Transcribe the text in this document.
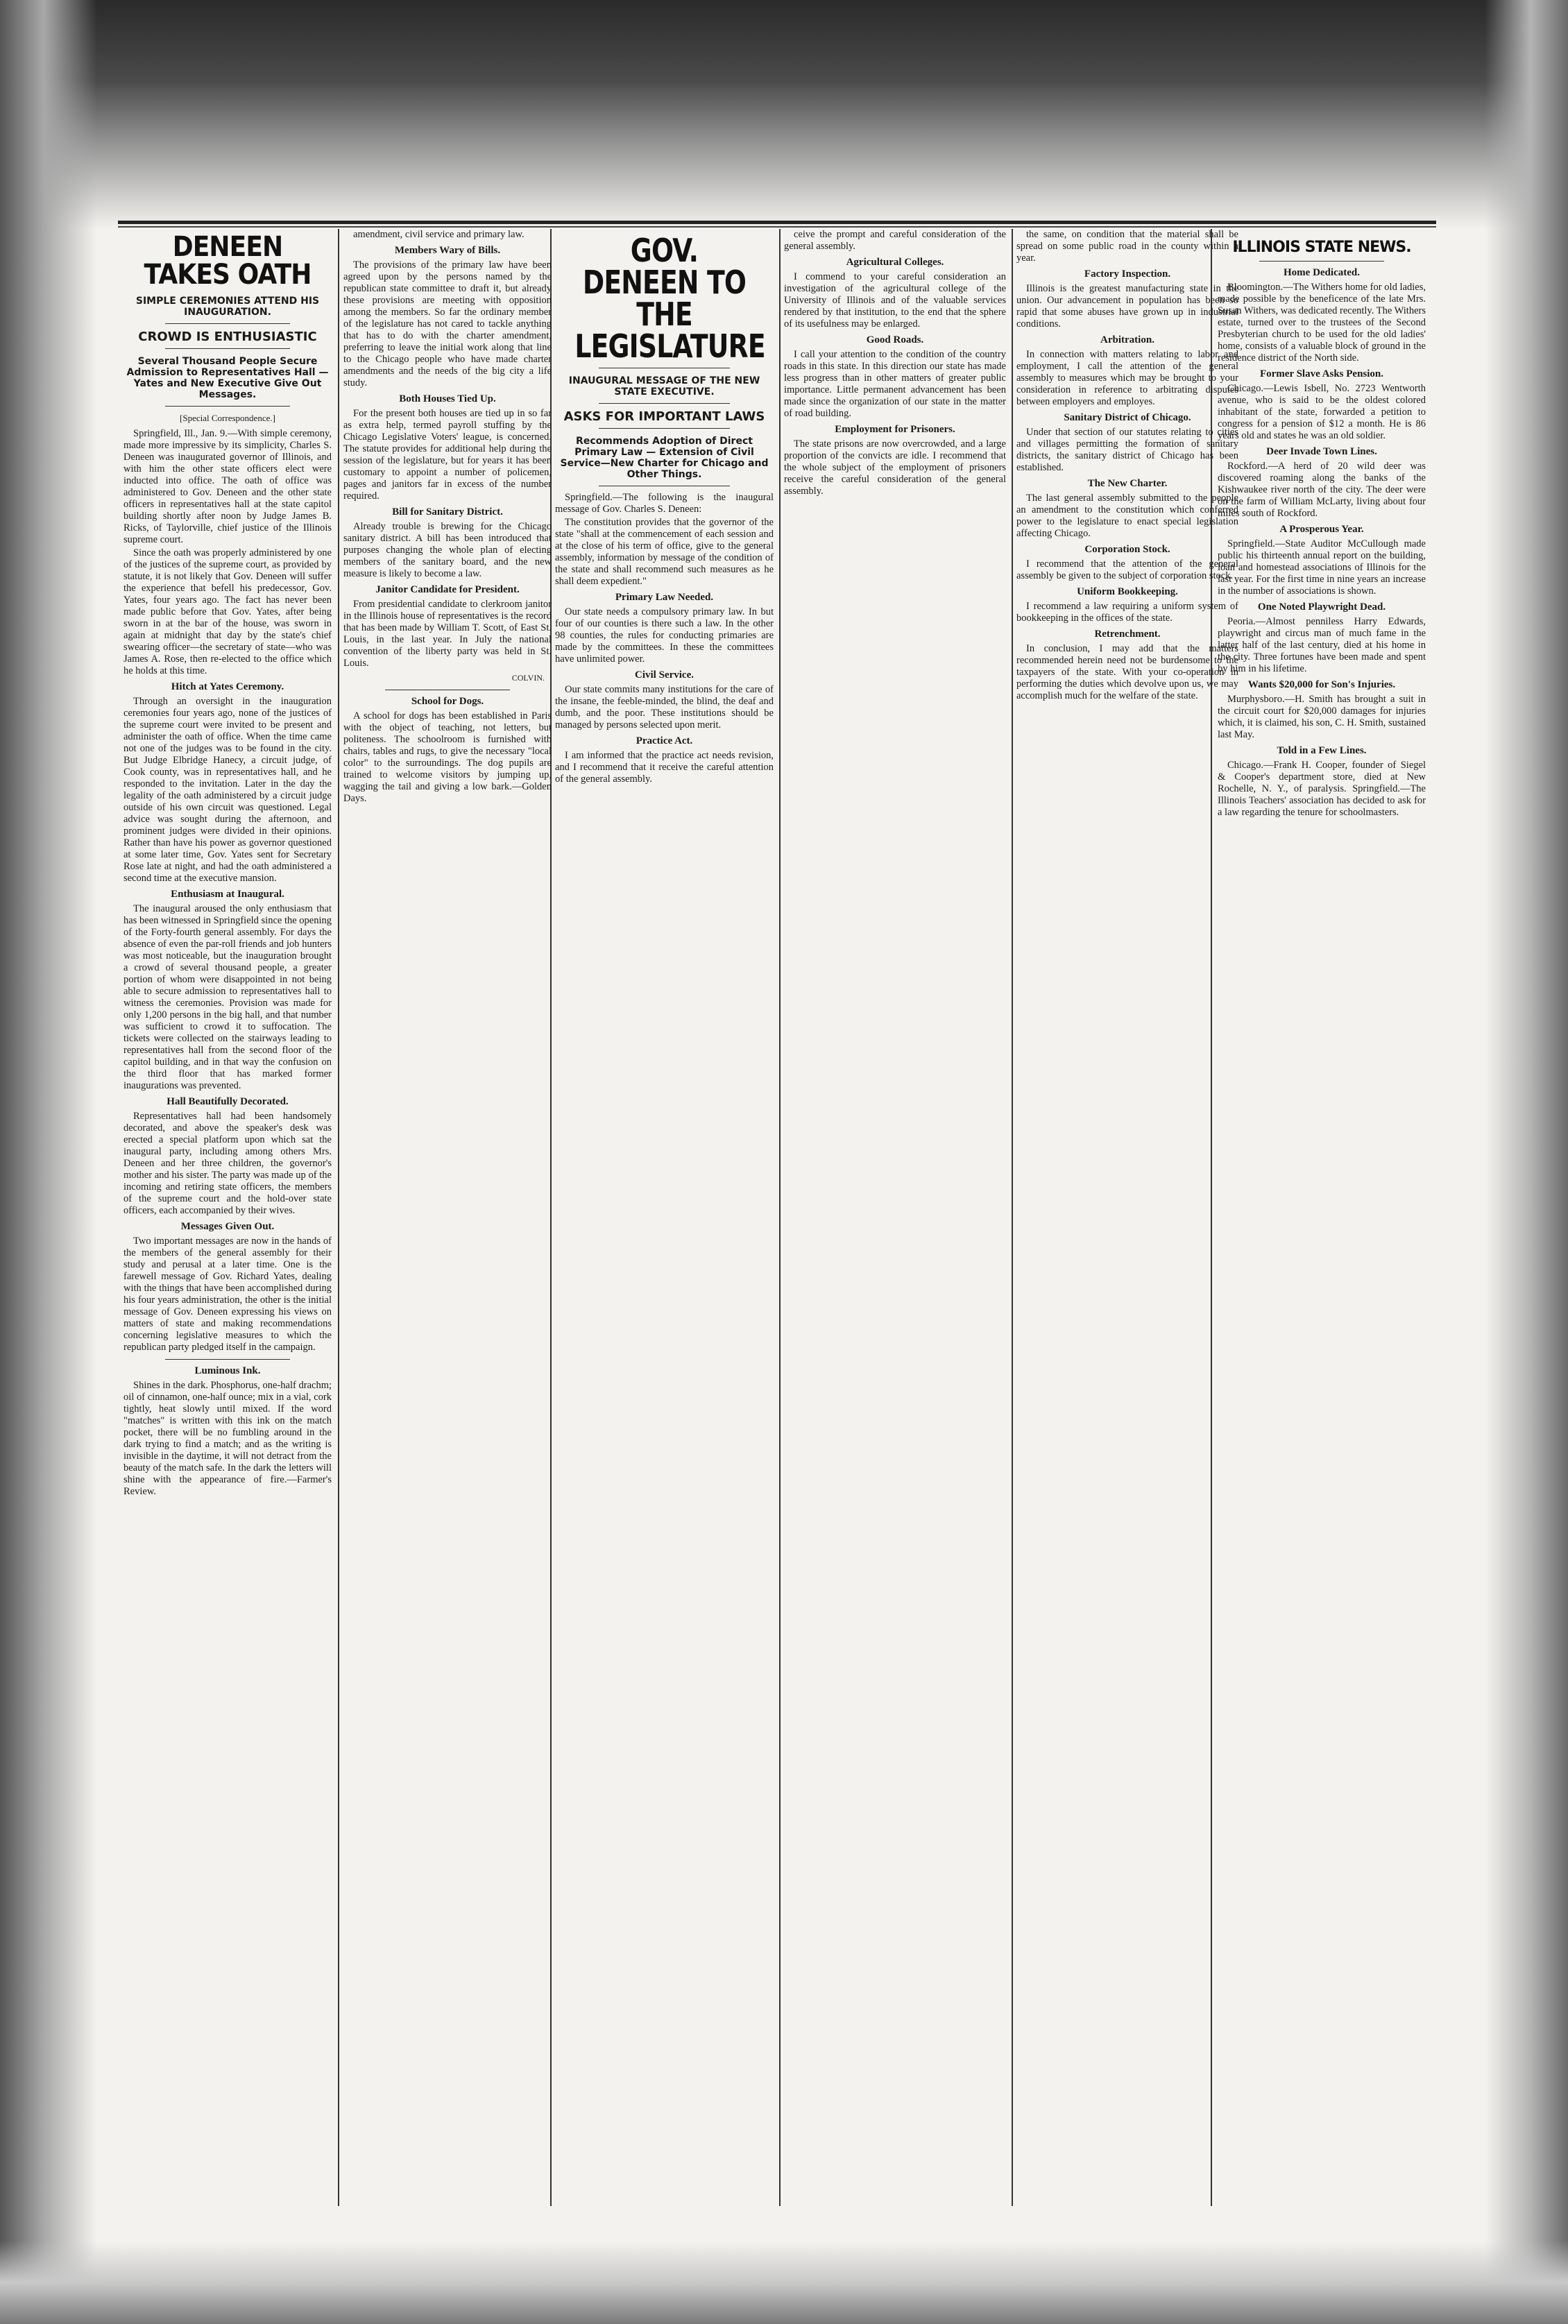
DENEEN TAKES OATH
SIMPLE CEREMONIES ATTEND HIS INAUGURATION.
CROWD IS ENTHUSIASTIC
Several Thousand People Secure Admission to Representatives Hall —Yates and New Executive Give Out Messages.
[Special Correspondence.]

Springfield, Ill., Jan. 9.—With simple ceremony, made more impressive by its simplicity, Charles S. Deneen was inaugurated governor of Illinois, and with him the other state officers elect were inducted into office. The oath of office was administered to Gov. Deneen and the other state officers in representatives hall at the state capitol building shortly after noon by Judge James B. Ricks, of Taylorville, chief justice of the Illinois supreme court.

Since the oath was properly administered by one of the justices of the supreme court, as provided by statute, it is not likely that Gov. Deneen will suffer the experience that befell his predecessor, Gov. Yates, four years ago. The fact has never been made public before that Gov. Yates, after being sworn in at the bar of the house, was sworn in again at midnight that day by the state's chief swearing officer—the secretary of state—who was James A. Rose, then re-elected to the office which he holds at this time.

Hitch at Yates Ceremony.

Through an oversight in the inauguration ceremonies four years ago, none of the justices of the supreme court were invited to be present and administer the oath of office. When the time came not one of the judges was to be found in the city. But Judge Elbridge Hanecy, a circuit judge, of Cook county, was in representatives hall, and he responded to the invitation. Later in the day the legality of the oath administered by a circuit judge outside of his own circuit was questioned. Legal advice was sought during the afternoon, and prominent judges were divided in their opinions. Rather than have his power as governor questioned at some later time, Gov. Yates sent for Secretary Rose late at night, and had the oath administered a second time at the executive mansion.

Enthusiasm at Inaugural.

The inaugural aroused the only enthusiasm that has been witnessed in Springfield since the opening of the Forty-fourth general assembly. For days the absence of even the par-roll friends and job hunters was most noticeable, but the inauguration brought a crowd of several thousand people, a greater portion of whom were disappointed in not being able to secure admission to representatives hall to witness the ceremonies. Provision was made for only 1,200 persons in the big hall, and that number was sufficient to crowd it to suffocation. The tickets were collected on the stairways leading to representatives hall from the second floor of the capitol building, and in that way the confusion on the third floor that has marked former inaugurations was prevented.

Hall Beautifully Decorated.

Representatives hall had been handsomely decorated, and above the speaker's desk was erected a special platform upon which sat the inaugural party, including among others Mrs. Deneen and her three children, the governor's mother and his sister. The party was made up of the incoming and retiring state officers, the members of the supreme court and the hold-over state officers, each accompanied by their wives.

Messages Given Out.

Two important messages are now in the hands of the members of the general assembly for their study and perusal at a later time. One is the farewell message of Gov. Richard Yates, dealing with the things that have been accomplished during his four years administration, the other is the initial message of Gov. Deneen expressing his views on matters of state and making recommendations concerning legislative measures to which the republican party pledged itself in the campaign.

Luminous Ink.

Shines in the dark. Phosphorus, one-half drachm; oil of cinnamon, one-half ounce; mix in a vial, cork tightly, heat slowly until mixed. If the word "matches" is written with this ink on the match pocket, there will be no fumbling around in the dark trying to find a match; and as the writing is invisible in the daytime, it will not detract from the beauty of the match safe. In the dark the letters will shine with the appearance of fire.—Farmer's Review.

amendment, civil service and primary law.

Members Wary of Bills.

The provisions of the primary law have been agreed upon by the persons named by the republican state committee to draft it, but already these provisions are meeting with opposition among the members. So far the ordinary member of the legislature has not cared to tackle anything that has to do with the charter amendment, preferring to leave the initial work along that line to the Chicago people who have made charter amendments and the needs of the big city a life study.

Both Houses Tied Up.

For the present both houses are tied up in so far as extra help, termed payroll stuffing by the Chicago Legislative Voters' league, is concerned. The statute provides for additional help during the session of the legislature, but for years it has been customary to appoint a number of policemen, pages and janitors far in excess of the number required.

Bill for Sanitary District.

Already trouble is brewing for the Chicago sanitary district. A bill has been introduced that purposes changing the whole plan of electing members of the sanitary board, and the new measure is likely to become a law.

Janitor Candidate for President.

From presidential candidate to clerkroom janitor in the Illinois house of representatives is the record that has been made by William T. Scott, of East St. Louis, in the last year. In July the national convention of the liberty party was held in St. Louis.

COLVIN.
School for Dogs.

A school for dogs has been established in Paris with the object of teaching, not letters, but politeness. The schoolroom is furnished with chairs, tables and rugs, to give the necessary "local color" to the surroundings. The dog pupils are trained to welcome visitors by jumping up, wagging the tail and giving a low bark.—Golden Days.

GOV. DENEEN TO THE LEGISLATURE
INAUGURAL MESSAGE OF THE NEW STATE EXECUTIVE.
ASKS FOR IMPORTANT LAWS
Recommends Adoption of Direct Primary Law — Extension of Civil Service—New Charter for Chicago and Other Things.

Springfield.—The following is the inaugural message of Gov. Charles S. Deneen:

The constitution provides that the governor of the state "shall at the commencement of each session and at the close of his term of office, give to the general assembly, information by message of the condition of the state and shall recommend such measures as he shall deem expedient."

Primary Law Needed.

Our state needs a compulsory primary law. In but four of our counties is there such a law. In the other 98 counties, the rules for conducting primaries are made by the committees. In these the committees have unlimited power.

Civil Service.

Our state commits many institutions for the care of the insane, the feeble-minded, the blind, the deaf and dumb, and the poor. These institutions should be managed by persons selected upon merit.

Practice Act.

I am informed that the practice act needs revision, and I recommend that it receive the careful attention of the general assembly.

ceive the prompt and careful consideration of the general assembly.

Agricultural Colleges.

I commend to your careful consideration an investigation of the agricultural college of the University of Illinois and of the valuable services rendered by that institution, to the end that the sphere of its usefulness may be enlarged.

Good Roads.

I call your attention to the condition of the country roads in this state. In this direction our state has made less progress than in other matters of greater public importance. Little permanent advancement has been made since the organization of our state in the matter of road building.

Employment for Prisoners.

The state prisons are now overcrowded, and a large proportion of the convicts are idle. I recommend that the whole subject of the employment of prisoners receive the careful consideration of the general assembly.

the same, on condition that the material shall be spread on some public road in the county within a year.

Factory Inspection.

Illinois is the greatest manufacturing state in the union. Our advancement in population has been so rapid that some abuses have grown up in industrial conditions.

Arbitration.

In connection with matters relating to labor and employment, I call the attention of the general assembly to measures which may be brought to your consideration in reference to arbitrating disputes between employers and employes.

Sanitary District of Chicago.

Under that section of our statutes relating to cities and villages permitting the formation of sanitary districts, the sanitary district of Chicago has been established.

The New Charter.

The last general assembly submitted to the people an amendment to the constitution which conferred power to the legislature to enact special legislation affecting Chicago.

Corporation Stock.

I recommend that the attention of the general assembly be given to the subject of corporation stock.

Uniform Bookkeeping.

I recommend a law requiring a uniform system of bookkeeping in the offices of the state.

Retrenchment.

In conclusion, I may add that the matters recommended herein need not be burdensome to the taxpayers of the state. With your co-operation in performing the duties which devolve upon us, we may accomplish much for the welfare of the state.

ILLINOIS STATE NEWS.
Home Dedicated.

Bloomington.—The Withers home for old ladies, made possible by the beneficence of the late Mrs. Susan Withers, was dedicated recently. The Withers estate, turned over to the trustees of the Second Presbyterian church to be used for the old ladies' home, consists of a valuable block of ground in the residence district of the North side.

Former Slave Asks Pension.

Chicago.—Lewis Isbell, No. 2723 Wentworth avenue, who is said to be the oldest colored inhabitant of the state, forwarded a petition to congress for a pension of $12 a month. He is 86 years old and states he was an old soldier.

Deer Invade Town Lines.

Rockford.—A herd of 20 wild deer was discovered roaming along the banks of the Kishwaukee river north of the city. The deer were on the farm of William McLarty, living about four miles south of Rockford.

A Prosperous Year.

Springfield.—State Auditor McCullough made public his thirteenth annual report on the building, loan and homestead associations of Illinois for the last year. For the first time in nine years an increase in the number of associations is shown.

One Noted Playwright Dead.

Peoria.—Almost penniless Harry Edwards, playwright and circus man of much fame in the latter half of the last century, died at his home in the city. Three fortunes have been made and spent by him in his lifetime.

Wants $20,000 for Son's Injuries.

Murphysboro.—H. Smith has brought a suit in the circuit court for $20,000 damages for injuries which, it is claimed, his son, C. H. Smith, sustained last May.

Told in a Few Lines.

Chicago.—Frank H. Cooper, founder of Siegel & Cooper's department store, died at New Rochelle, N. Y., of paralysis. Springfield.—The Illinois Teachers' association has decided to ask for a law regarding the tenure for schoolmasters.
